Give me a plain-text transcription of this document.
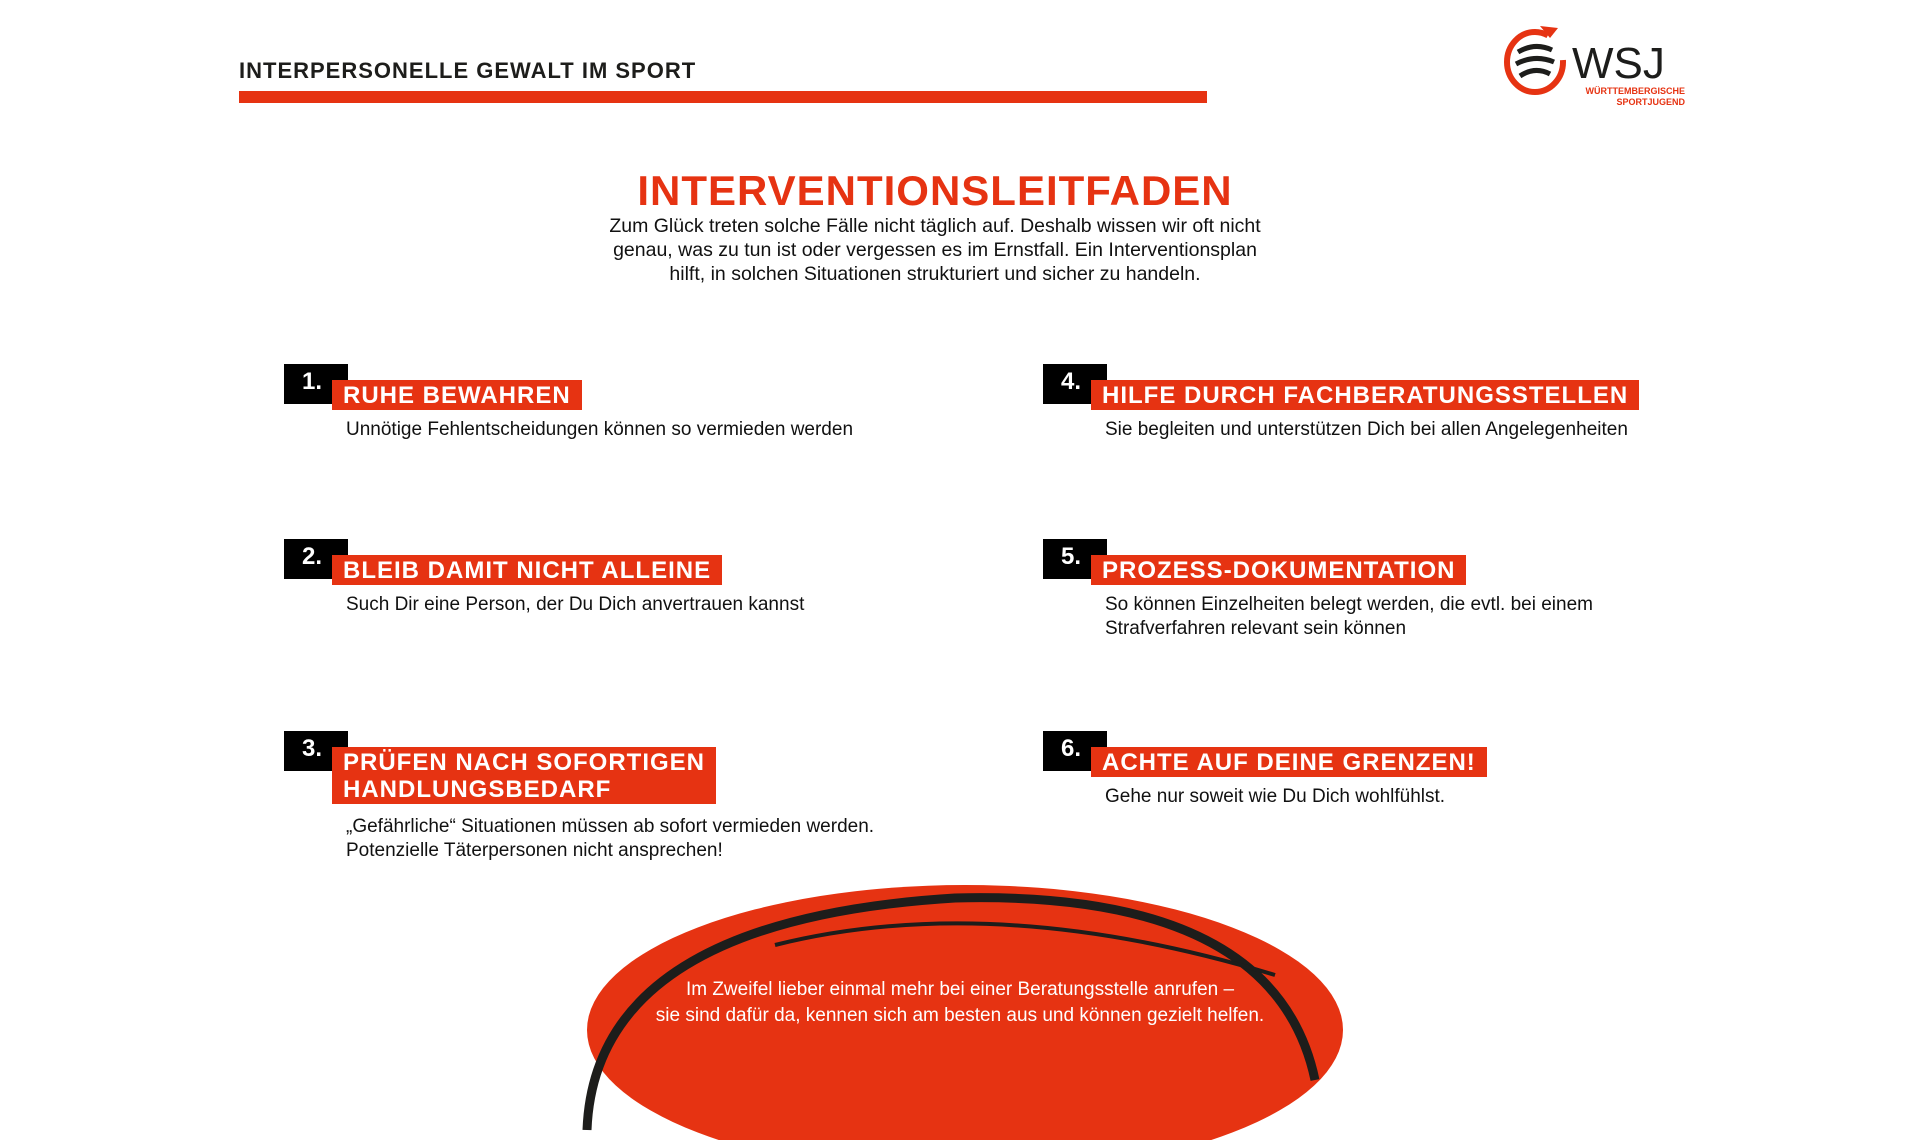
INTERPERSONELLE GEWALT IM SPORT	WSJ
WÜRTTEMBERGISCHE
SPORTJUGEND
INTERVENTIONSLEITFADEN
Zum Glück treten solche Fälle nicht täglich auf. Deshalb wissen wir oft nicht
genau, was zu tun ist oder vergessen es im Ernstfall. Ein Interventionsplan
hilft, in solchen Situationen strukturiert und sicher zu handeln.
1.
RUHE BEWAHREN
Unnötige Fehlentscheidungen können so vermieden werden
2.
BLEIB DAMIT NICHT ALLEINE
Such Dir eine Person, der Du Dich anvertrauen kannst
3.
PRÜFEN NACH SOFORTIGEN
HANDLUNGSBEDARF
„Gefährliche“ Situationen müssen ab sofort vermieden werden.
Potenzielle Täterpersonen nicht ansprechen!
4.
HILFE DURCH FACHBERATUNGSSTELLEN
Sie begleiten und unterstützen Dich bei allen Angelegenheiten
5.
PROZESS-DOKUMENTATION
So können Einzelheiten belegt werden, die evtl. bei einem
Strafverfahren relevant sein können
6.
ACHTE AUF DEINE GRENZEN!
Gehe nur soweit wie Du Dich wohlfühlst.
Im Zweifel lieber einmal mehr bei einer Beratungsstelle anrufen –
sie sind dafür da, kennen sich am besten aus und können gezielt helfen.
